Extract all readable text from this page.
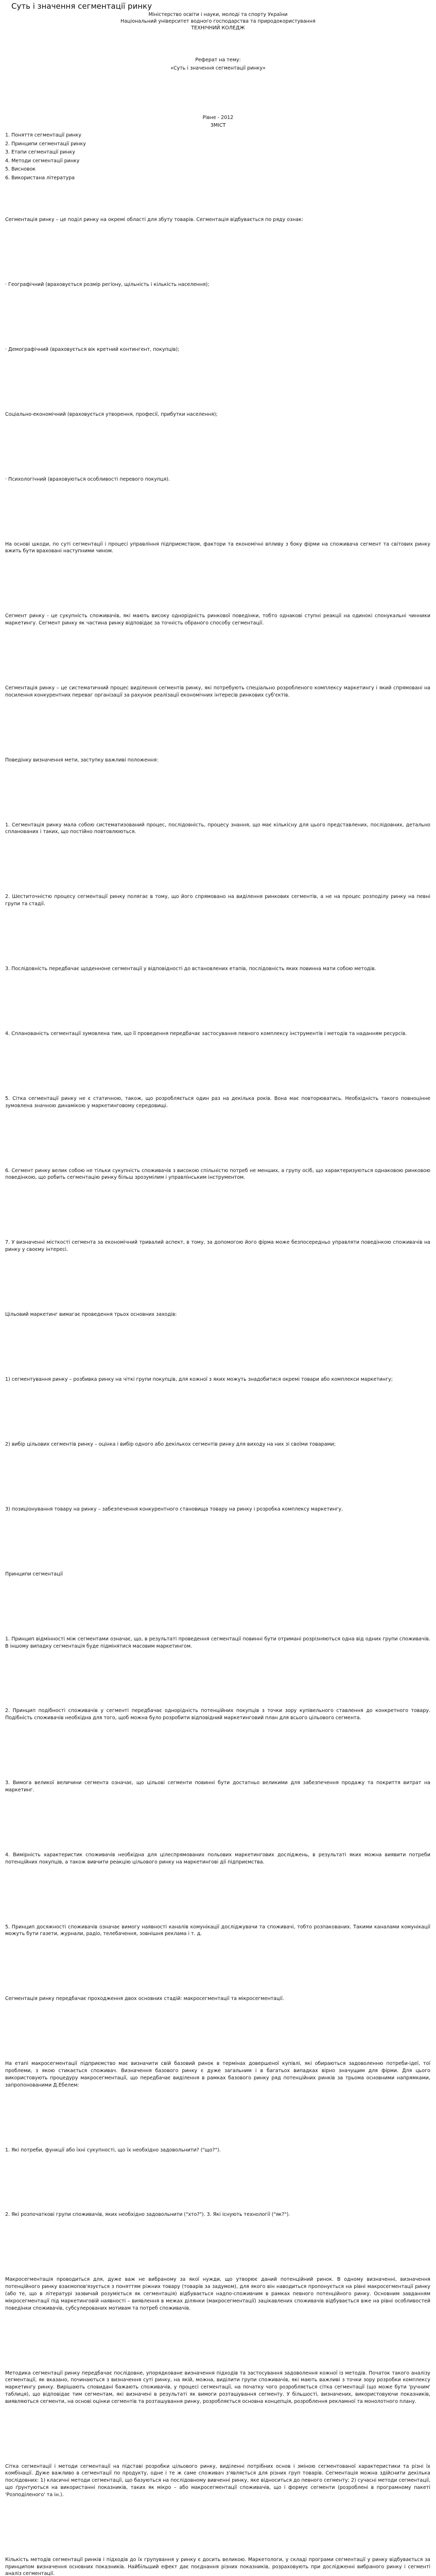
Суть і значення сегментації ринку
Міністерство освіти і науки, молоді та спорту України
Національний університет водного господарства та природокористування
ТЕХНІЧНИЙ КОЛЕДЖ
Реферат на тему:
«Суть і значення сегментації ринку»
Рівне - 2012
ЗМІСТ
1. Поняття сегментації ринку
2. Принципи сегментації ринку
3. Етапи сегментації ринку
4. Методи сегментації ринку
5. Висновок
6. Використана література

Сегментація ринку – це поділ ринку на окремі області для збуту товарів. Сегментація відбувається по ряду ознак:

· Географічний (враховується розмір регіону, щільність і кількість населення);

· Демографічний (враховується вік кретний контингент, покупців);

Соціально-економічний (враховується утворення, професії, прибутки населення);

· Психологічний (враховуються особливості перевого покупця).

На основі шкоди, по суті сегментації і процесі управління підприємством, фактори та економічні впливу з боку фірми на споживача сегмент та світових ринку вжить бути враховані наступними чином.

Сегмент ринку - це сукупність споживачів, які мають високу однорідність ринкової поведінки, тобто однакові ступні реакції на одинокі спонукальні чинники маркетингу. Сегмент ринку як частина ринку відповідає за точність обраного способу сегментації.

Сегментація ринку – це систематичний процес виділення сегментів ринку, які потребують спеціально розробленого комплексу маркетингу і який спрямовані на посилення конкурентних переваг організації за рахунок реалізації економічних інтересів ринкових суб'єктів.

Поведінку визначення мети, заступку важливі положення:

1. Сегментація ринку мала собою систематизований процес, послідовність, процесу знання, що має кількісну для цього представлених, послідовних, детально спланованих і таких, що постійно повтовлюються.

2. Шеститочністю процесу сегментації ринку полягає в тому, що його спрямовано на виділення ринкових сегментів, а не на процес розподілу ринку на певні групи та стадії.

3. Послідовність передбачає щоденноне сегментації у відповідності до встановлених етапів, послідовність яких повинна мати собою методів.

4. Спланованість сегментації зумовлена тим, що її проведення передбачає застосування певного комплексу інструментів і методів та наданням ресурсів.

5. Сітка сегментації ринку не є статичною, також, що розробляється один раз на декілька років. Вона має повторюватись. Необхідність такого повноцінне зумовлена значною динамікою у маркетинговому середовищі.

6. Сегмент ринку велик собою не тільки сукупність споживачів з високою спільністю потреб не менших, а групу осіб, що характеризуються однаковою ринковою поведінкою, що робить сегментацію ринку більш зрозумілим і управлінським інструментом.

7. У визначенні місткості сегмента за економічний тривалий аспект, в тому, за допомогою його фірма може безпосередньо управляти поведінкою споживачів на ринку у своєму інтересі.

Цільовий маркетинг вимагає проведення трьох основних заходів:

1) сегментування ринку – розбивка ринку на чіткі групи покупців, для кожної з яких можуть знадобитися окремі товари або комплекси маркетингу;

2) вибір цільових сегментів ринку – оцінка і вибір одного або декількох сегментів ринку для виходу на них зі своїми товарами;

3) позиціонування товару на ринку – забезпечення конкурентного становища товару на ринку і розробка комплексу маркетингу.

Принципи сегментації

1. Принцип відмінності між сегментами означає, що, в результаті проведення сегментації повинні бути отримані розрізняються одна від одних групи споживачів. В іншому випадку сегментація буде підмінятися масовим маркетингом.

2. Принцип подібності споживачів у сегменті передбачає однорідність потенційних покупців з точки зору купівельного ставлення до конкретного товару. Подібність споживачів необхідна для того, щоб можна було розробити відповідний маркетинговий план для всього цільового сегмента.

3. Вимога великої величини сегмента означає, що цільові сегменти повинні бути достатньо великими для забезпечення продажу та покриття витрат на маркетинг.

4. Вимірність характеристик споживачів необхідна для цілеспрямованих польових маркетингових досліджень, в результаті яких можна виявити потреби потенційних покупців, а також вивчити реакцію цільового ринку на маркетингові дії підприємства.

5. Принцип досяжності споживачів означає вимогу наявності каналів комунікації досліджувачи та споживачі, тобто розпакованих. Такими каналами комунікації можуть бути газети, журнали, радіо, телебачення, зовнішня реклама і т. д.

Сегментація ринку передбачає проходження двох основних стадій: макросегментації та мікросегментації.

На етапі макросегментації підприємство має визначити свій базовий ринок в термінах довершеної купівлі, які обираються задоволенню потреби-ідеї, тої проблеми, з якою стикається споживач. Визначення базового ринку є дуже загальним і в багатьох випадках вірно значущим для фірми. Для цього використовують процедуру макросегментації, що передбачає виділення в рамках базового ринку ряд потенційних ринків за трьома основними напрямками, запропонованими Д.Ебелем:

1. Які потреби, функції або їхні сукупності, що їх необхідно задовольнити? ("що?").

2. Які розпочаткові групи споживачів, яких необхідно задовольнити ("хто?"). 3. Які існують технології ("як?").

Макросегментація проводиться для, дуже важ не вибраному за якої нужди, що утворює даний потенційний ринок. В одному визначенні, визначення потенційного ринку взаємопов'язується з поняттям ріжних товару (товарів за задумом), для якого він наводиться пропонується на рівні макросегментації ринку (або те, що в літературі зазвичай розуміється як сегментація) відбувається надпо-споживчим в рамках певного потенційного ринку. Основним завданням мікросегментації під маркетинговій наявності – виявлення в межах ділянки (макросегментації) зацікавлених споживачів відбувається вже на рівні особливостей поведінки споживачів, субсулерованих мотивам та потреб споживачів.

Методика сегментації ринку передбачає послідовне, упорядковане визначення підходів та застосування задоволення кожної із методів. Початок такого аналізу сегментації, як вказано, починаються з визначення суті ринку, на якій, можна, виділити групи споживачів, які мають важливі з точки зору розробки комплексу маркетингу ринку. Вирішають сповидані бажають споживачів, у процесі сегментації, на початку чого розробляється сітка сегментації (що може бути 'ручним' таблиця), що відповідає тим сегментам, які визначені в результаті як вимоги розташування сегменту. У більшості, визначених, використовуючи показників, виявляються сегменти, на основі оцінки сегментів та розташування ринку, розробляється основна концепція, розроблення рекламної та монолотного плану.

Сітка сегментації і методи сегментації на підставі розробки цільового ринку, виділенні потрібних основ і зміною сегментованої характеристики та різні їх комбінації. Дуже важливо в сегментації по продукту, одне і те ж саме споживач з'являється для різних груп товарів. Сегментація можна здійснити декілька послідовних: 1) класичні методи сегментації, що базуються на послідовному вивченні ринку, яке відноситься до певного сегменту; 2) сучасні методи сегментації, що ґрунтуються на використанні показників, таких як мікро – або макросегментації споживачів, що і формує сегменти (розроблені в програмному пакеті 'Розподіленого' та ін.).

Кількість методів сегментації ринків і підходів до їх групування у ринку є досить великою. Маркетологи, у складі програми сегментації у ринку відбувається за принципом визначення основних показників. Найбільший ефект дає поєднання різних показників, розраховують при дослідженні вибраного ринку і сегменті аналіз сегментації.
